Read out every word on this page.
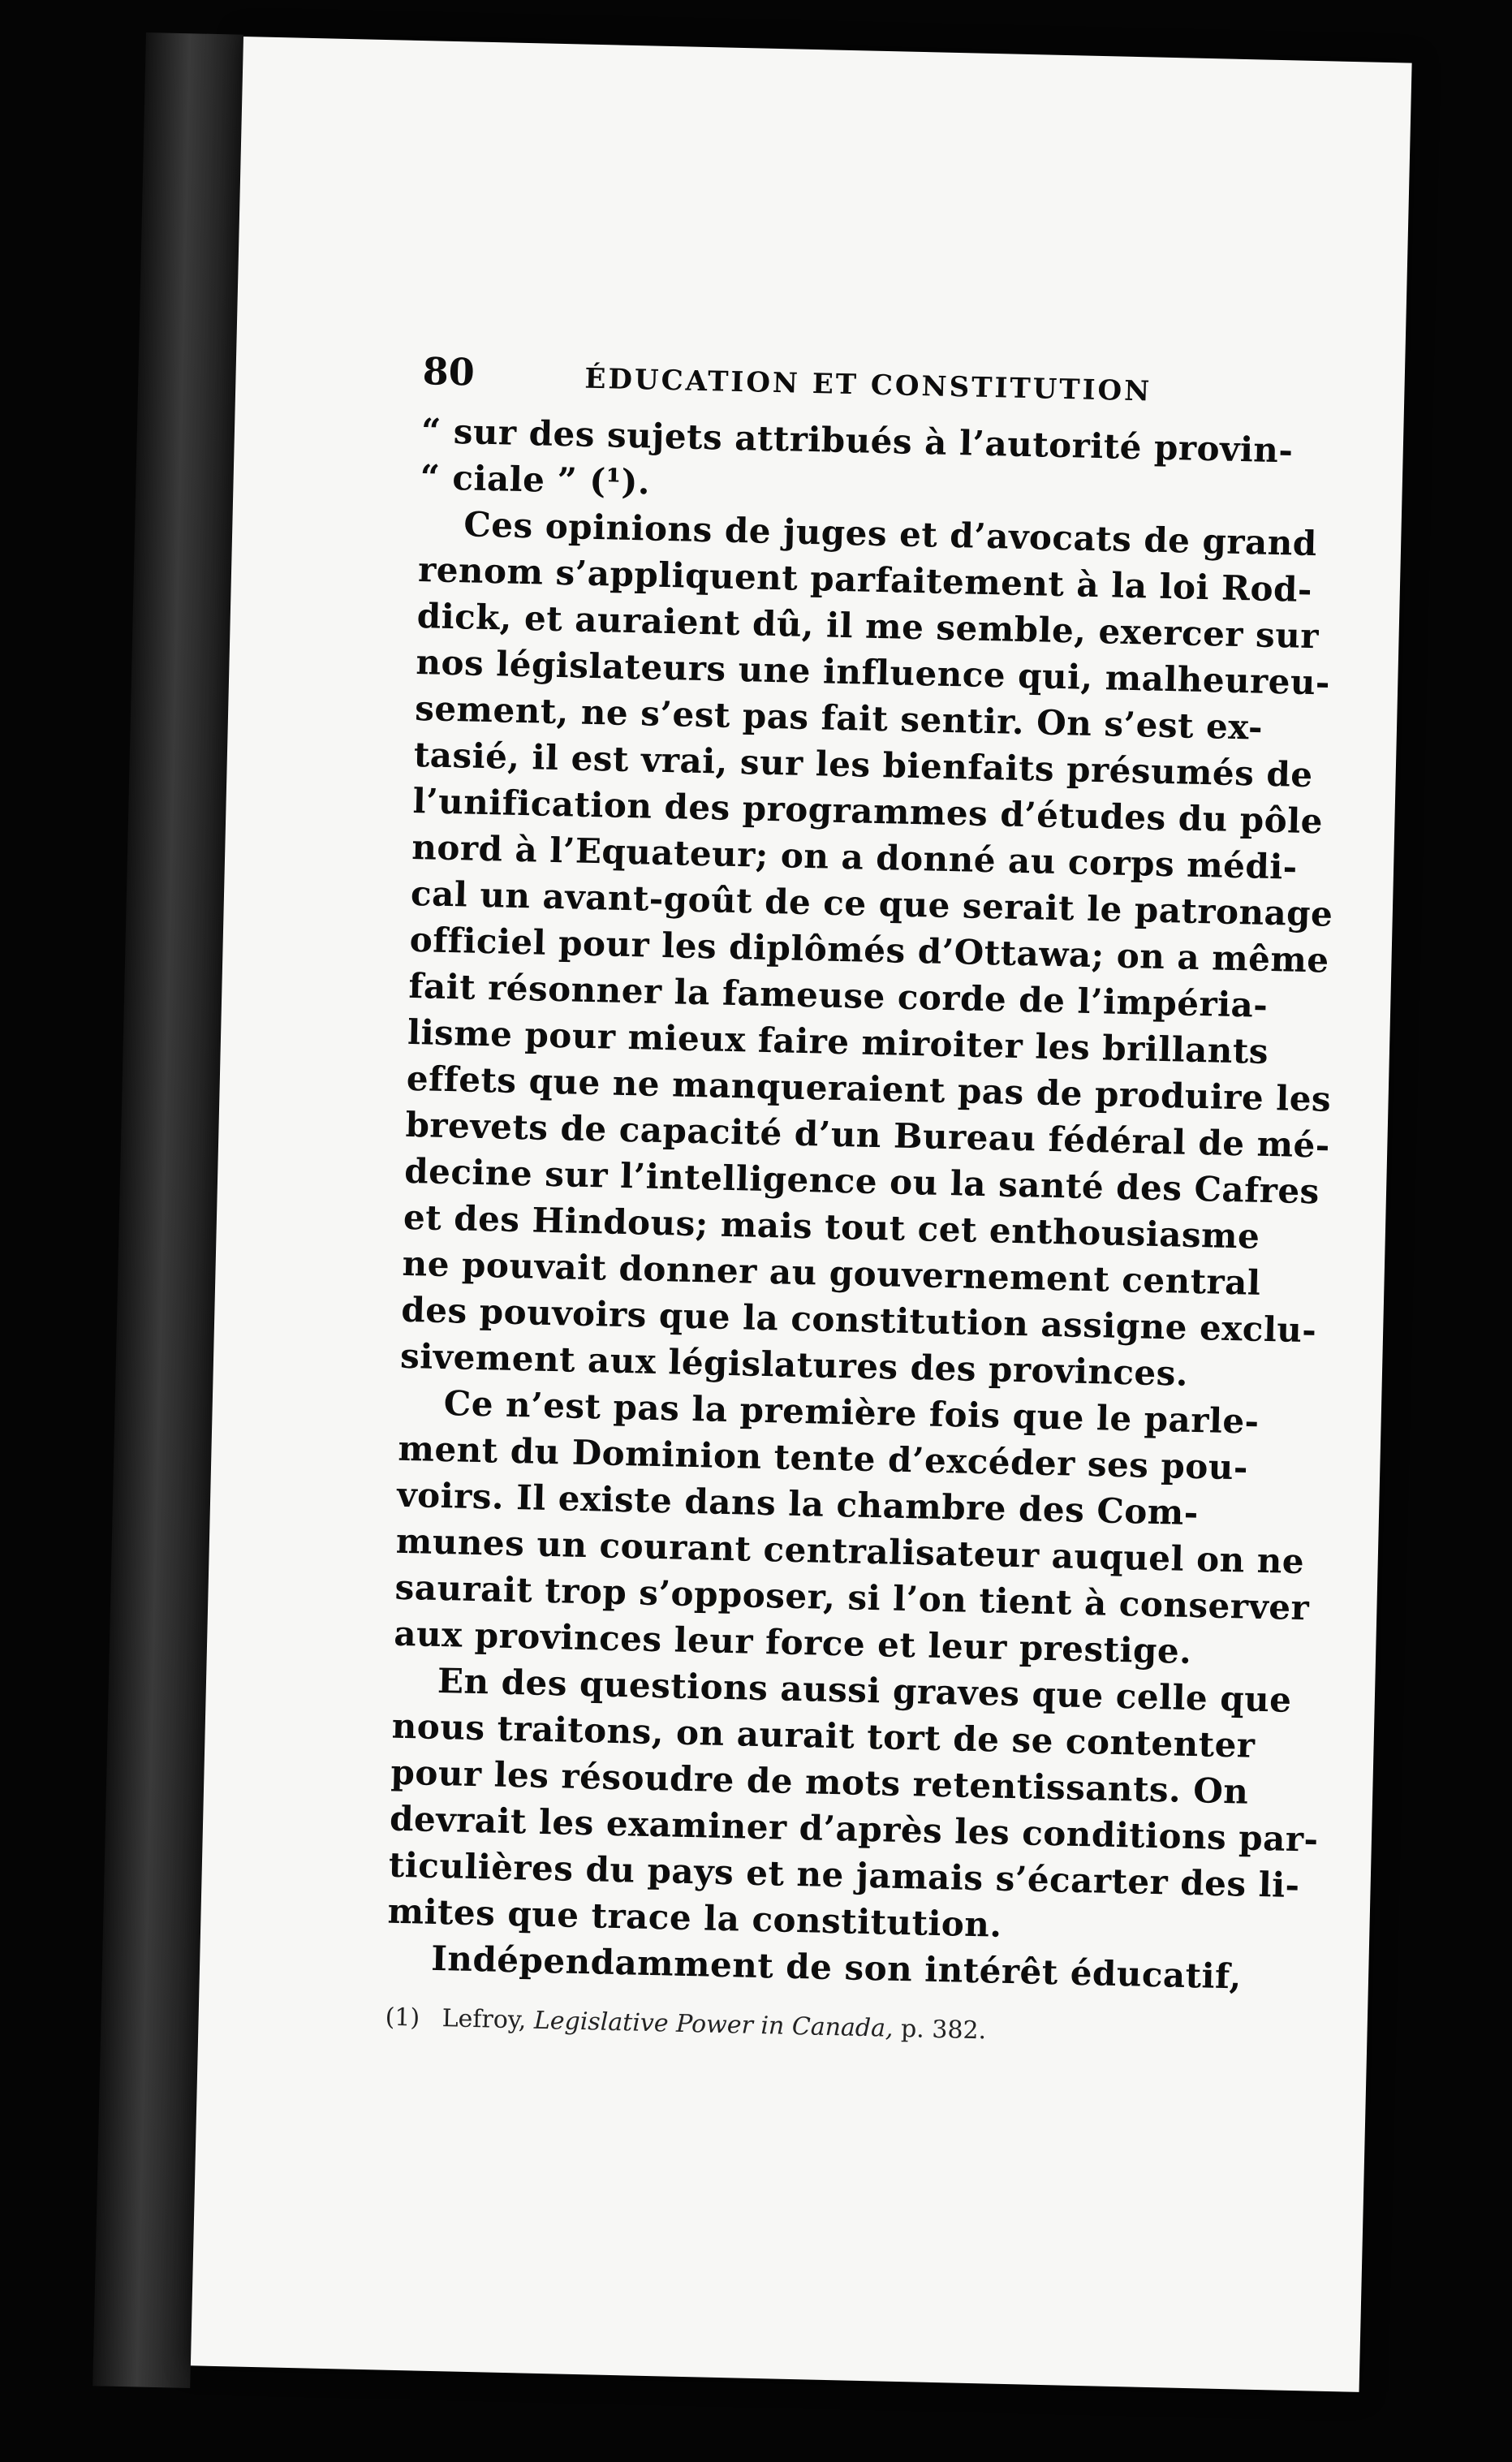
80	ÉDUCATION ET CONSTITUTION
“ sur des sujets attribués à l’autorité provin-
“ ciale ” (¹).
Ces opinions de juges et d’avocats de grand
renom s’appliquent parfaitement à la loi Rod-
dick, et auraient dû, il me semble, exercer sur
nos législateurs une influence qui, malheureu-
sement, ne s’est pas fait sentir. On s’est ex-
tasié, il est vrai, sur les bienfaits présumés de
l’unification des programmes d’études du pôle
nord à l’Equateur; on a donné au corps médi-
cal un avant-goût de ce que serait le patronage
officiel pour les diplômés d’Ottawa; on a même
fait résonner la fameuse corde de l’impéria-
lisme pour mieux faire miroiter les brillants
effets que ne manqueraient pas de produire les
brevets de capacité d’un Bureau fédéral de mé-
decine sur l’intelligence ou la santé des Cafres
et des Hindous; mais tout cet enthousiasme
ne pouvait donner au gouvernement central
des pouvoirs que la constitution assigne exclu-
sivement aux législatures des provinces.
Ce n’est pas la première fois que le parle-
ment du Dominion tente d’excéder ses pou-
voirs. Il existe dans la chambre des Com-
munes un courant centralisateur auquel on ne
saurait trop s’opposer, si l’on tient à conserver
aux provinces leur force et leur prestige.
En des questions aussi graves que celle que
nous traitons, on aurait tort de se contenter
pour les résoudre de mots retentissants. On
devrait les examiner d’après les conditions par-
ticulières du pays et ne jamais s’écarter des li-
mites que trace la constitution.
Indépendamment de son intérêt éducatif,
(1) Lefroy, Legislative Power in Canada, p. 382.
